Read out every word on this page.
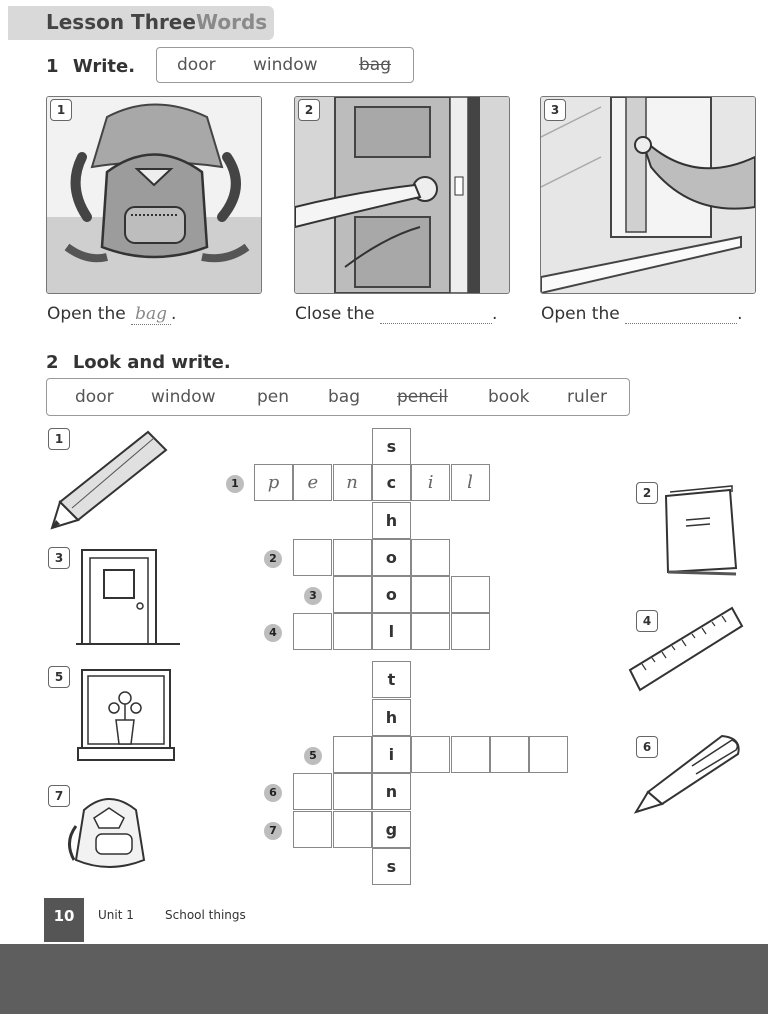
Lesson Three Words
1 Write. door window bag
1	2	3
Open the bag .	Close the	.	Open the	.
2 Look and write.
door window pen bag pencil book ruler
1
3
5
7
2
4
6
s
p	e	n	c	i	l
h
o
o
l
t
h
i
n
g
s
1
2
3
4
5
6
7
10	Unit 1	School things
